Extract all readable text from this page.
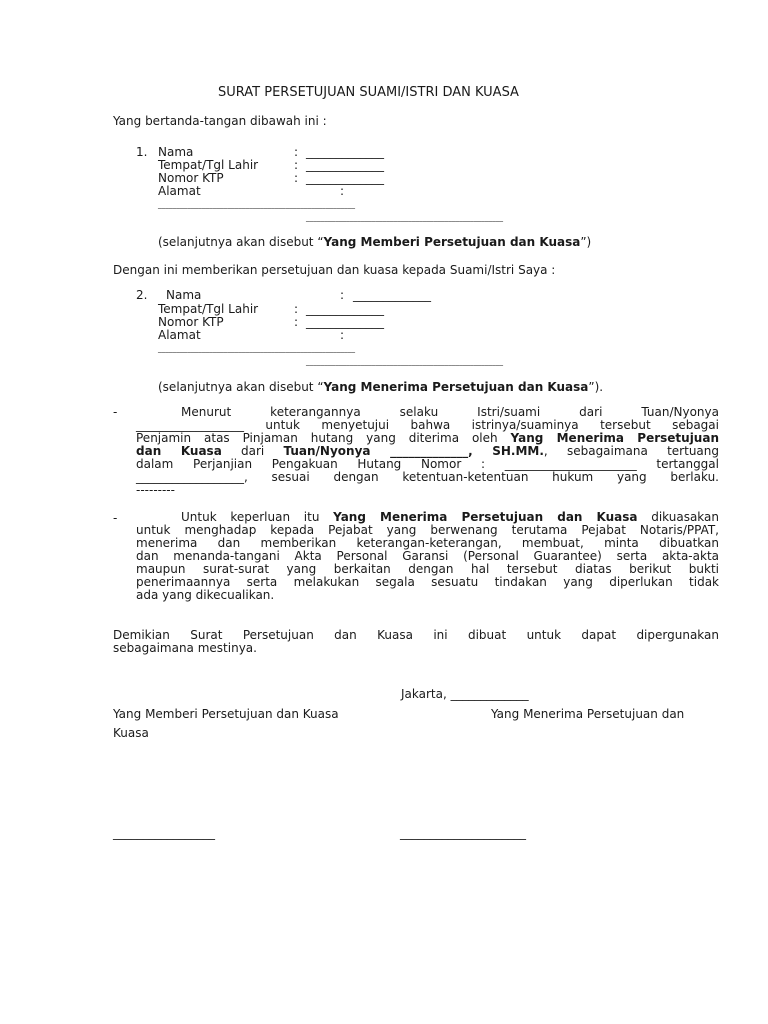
SURAT PERSETUJUAN SUAMI/ISTRI DAN KUASA
Yang bertanda-tangan dibawah ini :
1. Nama	: _____________
Tempat/Tgl Lahir	: _____________
Nomor KTP	: _____________
Alamat	:
______________________________________________________
______________________________________________________
(selanjutnya akan disebut “Yang Memberi Persetujuan dan Kuasa”)
Dengan ini memberikan persetujuan dan kuasa kepada Suami/Istri Saya :
2. Nama	: _____________
Tempat/Tgl Lahir	: _____________
Nomor KTP	: _____________
Alamat	:
______________________________________________________
______________________________________________________
(selanjutnya akan disebut “Yang Menerima Persetujuan dan Kuasa”).
-	Menurut keterangannya selaku Istri/suami dari Tuan/Nyonya
__________________ untuk menyetujui bahwa istrinya/suaminya tersebut sebagai
Penjamin atas Pinjaman hutang yang diterima oleh Yang Menerima Persetujuan
dan Kuasa dari Tuan/Nyonya _____________, SH.MM., sebagaimana tertuang
dalam Perjanjian Pengakuan Hutang Nomor : ______________________ tertanggal
__________________, sesuai dengan ketentuan-ketentuan hukum yang berlaku.
---------
-	Untuk keperluan itu Yang Menerima Persetujuan dan Kuasa dikuasakan
untuk menghadap kepada Pejabat yang berwenang terutama Pejabat Notaris/PPAT,
menerima dan memberikan keterangan-keterangan, membuat, minta dibuatkan
dan menanda-tangani Akta Personal Garansi (Personal Guarantee) serta akta-akta
maupun surat-surat yang berkaitan dengan hal tersebut diatas berikut bukti
penerimaannya serta melakukan segala sesuatu tindakan yang diperlukan tidak
ada yang dikecualikan.
Demikian Surat Persetujuan dan Kuasa ini dibuat untuk dapat dipergunakan
sebagaimana mestinya.
Jakarta, _____________
Yang Memberi Persetujuan dan Kuasa	Yang Menerima Persetujuan dan
Kuasa
_________________	_____________________
